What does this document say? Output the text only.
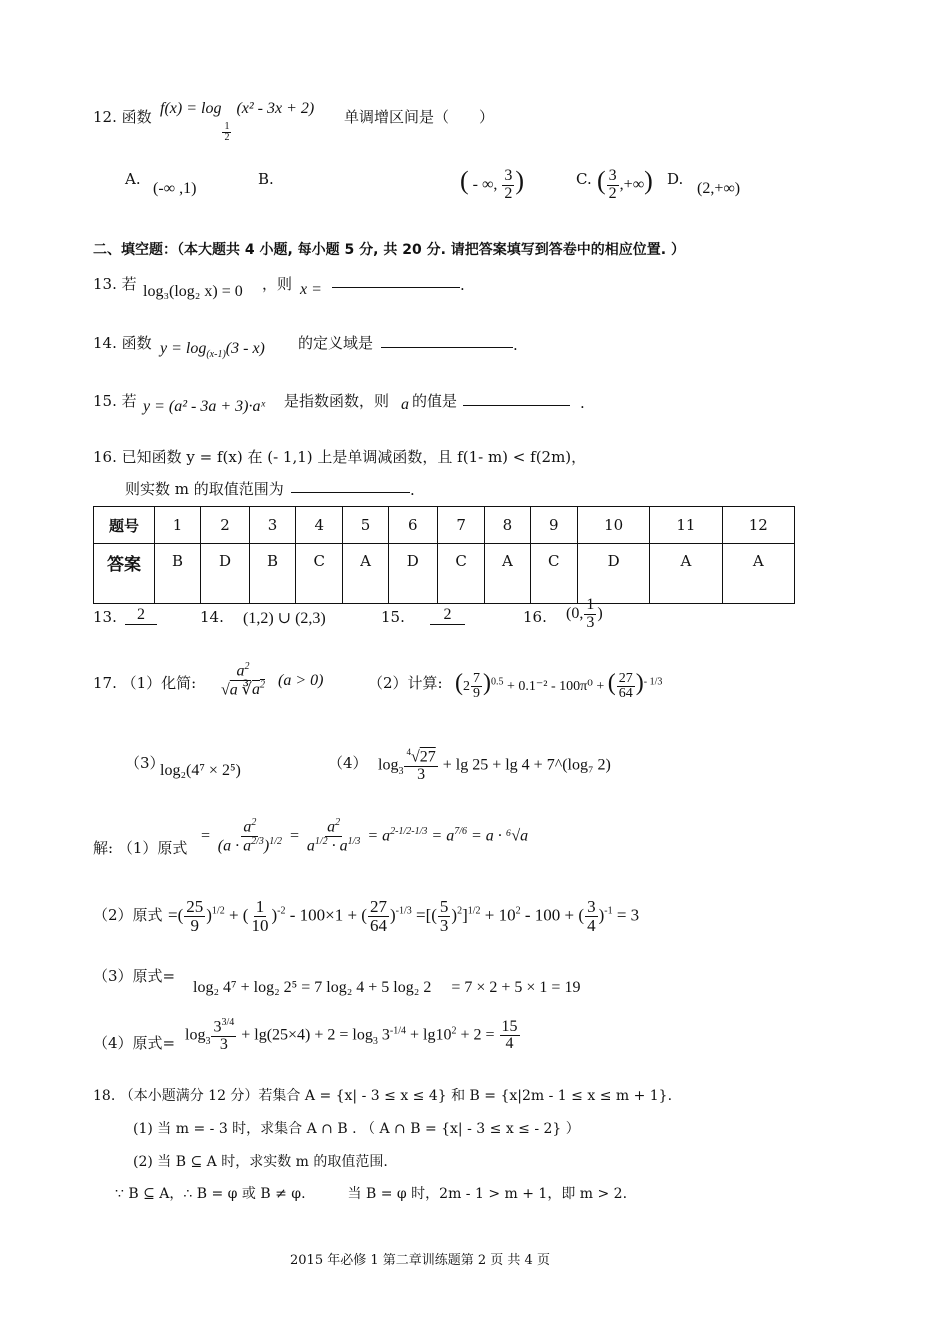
12. 函数 f(x) = log
$_{\frac{1}{2}}$
(x² - 3x + 2) 单调增区间是（　　）
A.
(-∞ ,1)
B.	( - ∞, $\frac{3}{2}$ )	C. ( $\frac{3}{2}$ ,+∞) D.
(2,+∞)
二、填空题：（本大题共 4 小题, 每小题 5 分, 共 20 分. 请把答案填写到答卷中的相应位置. ）
13. 若 log₃(log₂ x) = 0 ，则 x =	.
14. 函数 $y = \log_{(x-1)}(3 - x)$ 的定义域是	.
15. 若 y = (a² - 3a + 3)·aˣ 是指数函数，则 a 的值是	.
16. 已知函数 y = f(x) 在 (- 1,1) 上是单调减函数，且 f(1- m) < f(2m)，
则实数 m 的取值范围为	.
题号	1	2	3	4	5	6	7	8	9	10	11	12
答案	B	D	B	C	A	D	C	A	C	D	A	A
13.	2	14. (1,2) ∪ (2,3)	15.	2	16. (0, $\frac{1}{3}$ )
17. （1）化简: $\frac{a^2}{√a ∛a^2} (a > 0)$	（2）计算: $(2 \frac{7}{9} )^{0.5} + 0.1^{-2} - 100\pi^0$ + ( $\frac{27}{64} )^{- 1/3}$
（3）
log₂(4⁷ × 2⁵)	（4） $\log_3 \frac{^4√27}{3} + \lg 25 + \lg 4$ + 7^(log₇ 2)
解: （1）原式
= $\frac{a^2}{(a \cdot a^{2/3})^{1/2}} = \frac{a^2}{a^{1/2} \cdot a^{1/3}} = a^{2-1/2-1/3} = a^{7/6} = a \cdot ^6√a$
（2）原式 =( $\frac{25}{9} )^{1/2}$ + ( $\frac{1}{10} )^{-2} - 100\times 1$ + ( $\frac{27}{64} )^{-1/3}$ =[( $\frac{5}{3} )^2]^{1/2} + 10^2 - 100$ + ( $\frac{3}{4} )^{-1} = 3$
（3）原式=
log₂ 4⁷ + log₂ 2⁵ = 7 log₂ 4 + 5 log₂ 2　 = 7 × 2 + 5 × 1 = 19
（4）原式= $\log_3 \frac{3^{3/4}}{3} + \lg(25\times 4) + 2 = \log_3 3^{-1/4} + \lg 10^2 + 2 = \frac{15}{4}$
18. （本小题满分 12 分）若集合 A = {x| - 3 ≤ x ≤ 4} 和 B = {x|2m - 1 ≤ x ≤ m + 1}.
(1) 当 m = - 3 时，求集合 A ∩ B . （ A ∩ B = {x| - 3 ≤ x ≤ - 2} ）
(2) 当 B ⊆ A 时，求实数 m 的取值范围.
∵ B ⊆ A，∴ B = φ 或 B ≠ φ.　　　当 B = φ 时，2m - 1 > m + 1，即 m > 2.
2015 年必修 1 第二章训练题第 2 页 共 4 页
